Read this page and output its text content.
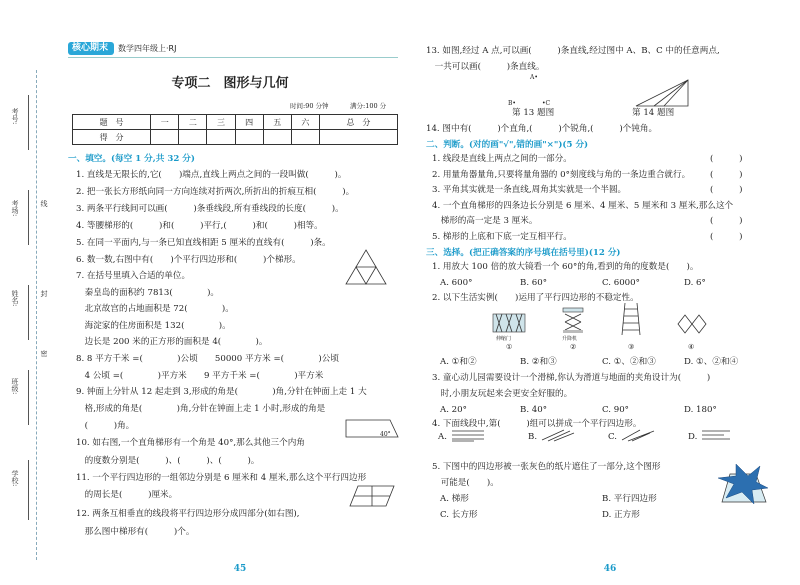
考号:
考场:
姓名:
班级:
学校:
线
封
密
核心期末 数学四年级上·RJ
专项二　图形与几何
时间:90 分钟	满分:100 分
题　号	一	二	三	四	五	六	总　分
得　分							
一、填空。(每空 1 分,共 32 分)
1. 直线是无限长的,它(　　)端点,直线上两点之间的一段叫做(　　　)。
2. 把一张长方形纸向同一方向连续对折两次,所折出的折痕互相(　　　)。
3. 两条平行线间可以画(　　　)条垂线段,所有垂线段的长度(　　　)。
4. 等腰梯形的(　　　)和(　　　)平行,(　　　)和(　　　)相等。
5. 在同一平面内,与一条已知直线相距 5 厘米的直线有(　　　)条。
6. 数一数,右图中有(　　)个平行四边形和(　　　)个梯形。
7. 在括号里填入合适的单位。
　秦皇岛的面积约 7813(　　　　)。
　北京故宫的占地面积是 72(　　　　)。
　海淀家的住房面积是 132(　　　　)。
　边长是 200 米的正方形的面积是 4(　　　　)。
8. 8 平方千米 =(　　　　)公顷　　50000 平方米 =(　　　　)公顷
　4 公顷 =(　　　　)平方米　　9 平方千米 =(　　　　)平方米
9. 钟面上分针从 12 起走到 3,形成的角是(　　　　)角,分针在钟面上走 1 大
　格,形成的角是(　　　　)角,分针在钟面上走 1 小时,形成的角是
　(　　　)角。
10. 如右图,一个直角梯形有一个角是 40°,那么其他三个内角
　的度数分别是(　　　)、(　　　)、(　　　)。
11. 一个平行四边形的一组邻边分别是 6 厘米和 4 厘米,那么这个平行四边形
　的周长是(　　　)厘米。
12. 两条互相垂直的线段将平行四边形分成四部分(如右图),
　那么图中梯形有(　　　)个。
40°
45
13. 如图,经过 A 点,可以画(　　　)条直线,经过图中 A、B、C 中的任意两点,
　一共可以画(　　　)条直线。
14. 图中有(　　　)个直角,(　　　)个锐角,(　　　)个钝角。
二、判断。(对的画"√",错的画"×")(5 分)
1. 线段是直线上两点之间的一部分。
2. 用量角器量角,只要将量角器的 0°刻度线与角的一条边重合就行。
3. 平角其实就是一条直线,周角其实就是一个半圆。
4. 一个直角梯形的四条边长分别是 6 厘米、4 厘米、5 厘米和 3 厘米,那么这个
　梯形的高一定是 3 厘米。
5. 梯形的上底和下底一定互相平行。
三、选择。(把正确答案的序号填在括号里)(12 分)
1. 用放大 100 倍的放大镜看一个 60°的角,看到的角的度数是(　　)。
A. 600°	B. 60°	C. 6000°	D. 6°
2. 以下生活实例(　　)运用了平行四边形的不稳定性。
A. ①和②	B. ②和③	C. ①、②和③	D. ①、②和④
3. 童心动儿园需要设计一个滑梯,你认为滑道与地面的夹角设计为(　　　)
　时,小朋友玩起来会更安全好服的。
A. 20°	B. 40°	C. 90°	D. 180°
4. 下面线段中,第(　　　)组可以拼成一个平行四边形。
A.	B.	C.	D.
5. 下图中的四边形被一张灰色的纸片遮住了一部分,这个图形
　可能是(　　)。
A. 梯形	B. 平行四边形
C. 长方形	D. 正方形
A•
B•	•C
第 13 题图	第 14 题图
(　　　)
(　　　)
(　　　)
(　　　)
(　　　)
伸缩门	升降机
①	②	③	④
46
